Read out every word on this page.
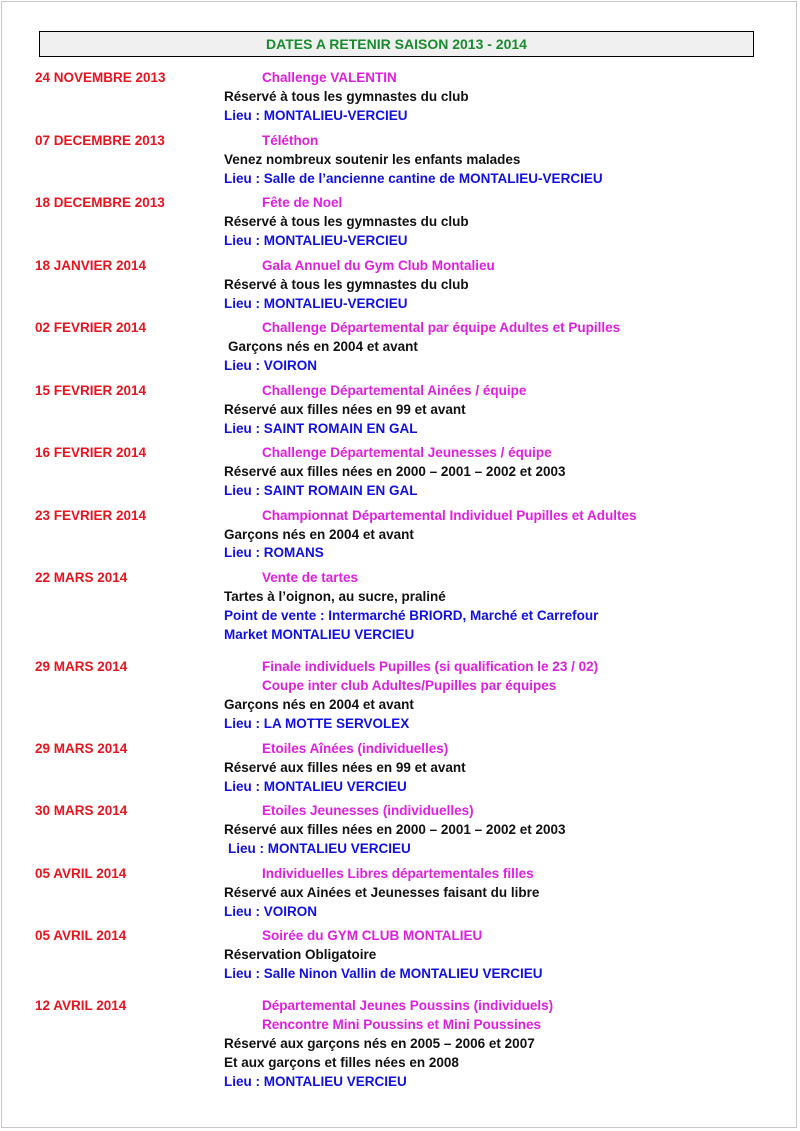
DATES A RETENIR SAISON 2013 - 2014
24 NOVEMBRE 2013	Challenge VALENTIN
Réservé à tous les gymnastes du club
Lieu : MONTALIEU-VERCIEU
07 DECEMBRE 2013	Téléthon
Venez nombreux soutenir les enfants malades
Lieu : Salle de l’ancienne cantine de MONTALIEU-VERCIEU
18 DECEMBRE 2013	Fête de Noel
Réservé à tous les gymnastes du club
Lieu : MONTALIEU-VERCIEU
18 JANVIER 2014	Gala Annuel du Gym Club Montalieu
Réservé à tous les gymnastes du club
Lieu : MONTALIEU-VERCIEU
02 FEVRIER 2014	Challenge Départemental par équipe Adultes et Pupilles
Garçons nés en 2004 et avant
Lieu : VOIRON
15 FEVRIER 2014	Challenge Départemental Ainées / équipe
Réservé aux filles nées en 99 et avant
Lieu : SAINT ROMAIN EN GAL
16 FEVRIER 2014	Challenge Départemental Jeunesses / équipe
Réservé aux filles nées en 2000 – 2001 – 2002 et 2003
Lieu : SAINT ROMAIN EN GAL
23 FEVRIER 2014	Championnat Départemental Individuel Pupilles et Adultes
Garçons nés en 2004 et avant
Lieu : ROMANS
22 MARS 2014	Vente de tartes
Tartes à l’oignon, au sucre, praliné
Point de vente : Intermarché BRIORD, Marché et Carrefour
Market MONTALIEU VERCIEU
29 MARS 2014	Finale individuels Pupilles (si qualification le 23 / 02)
Coupe inter club Adultes/Pupilles par équipes
Garçons nés en 2004 et avant
Lieu : LA MOTTE SERVOLEX
29 MARS 2014	Etoiles Aînées (individuelles)
Réservé aux filles nées en 99 et avant
Lieu : MONTALIEU VERCIEU
30 MARS 2014	Etoiles Jeunesses (individuelles)
Réservé aux filles nées en 2000 – 2001 – 2002 et 2003
Lieu : MONTALIEU VERCIEU
05 AVRIL 2014	Individuelles Libres départementales filles
Réservé aux Ainées et Jeunesses faisant du libre
Lieu : VOIRON
05 AVRIL 2014	Soirée du GYM CLUB MONTALIEU
Réservation Obligatoire
Lieu : Salle Ninon Vallin de MONTALIEU VERCIEU
12 AVRIL 2014	Départemental Jeunes Poussins (individuels)
Rencontre Mini Poussins et Mini Poussines
Réservé aux garçons nés en 2005 – 2006 et 2007
Et aux garçons et filles nées en 2008
Lieu : MONTALIEU VERCIEU
